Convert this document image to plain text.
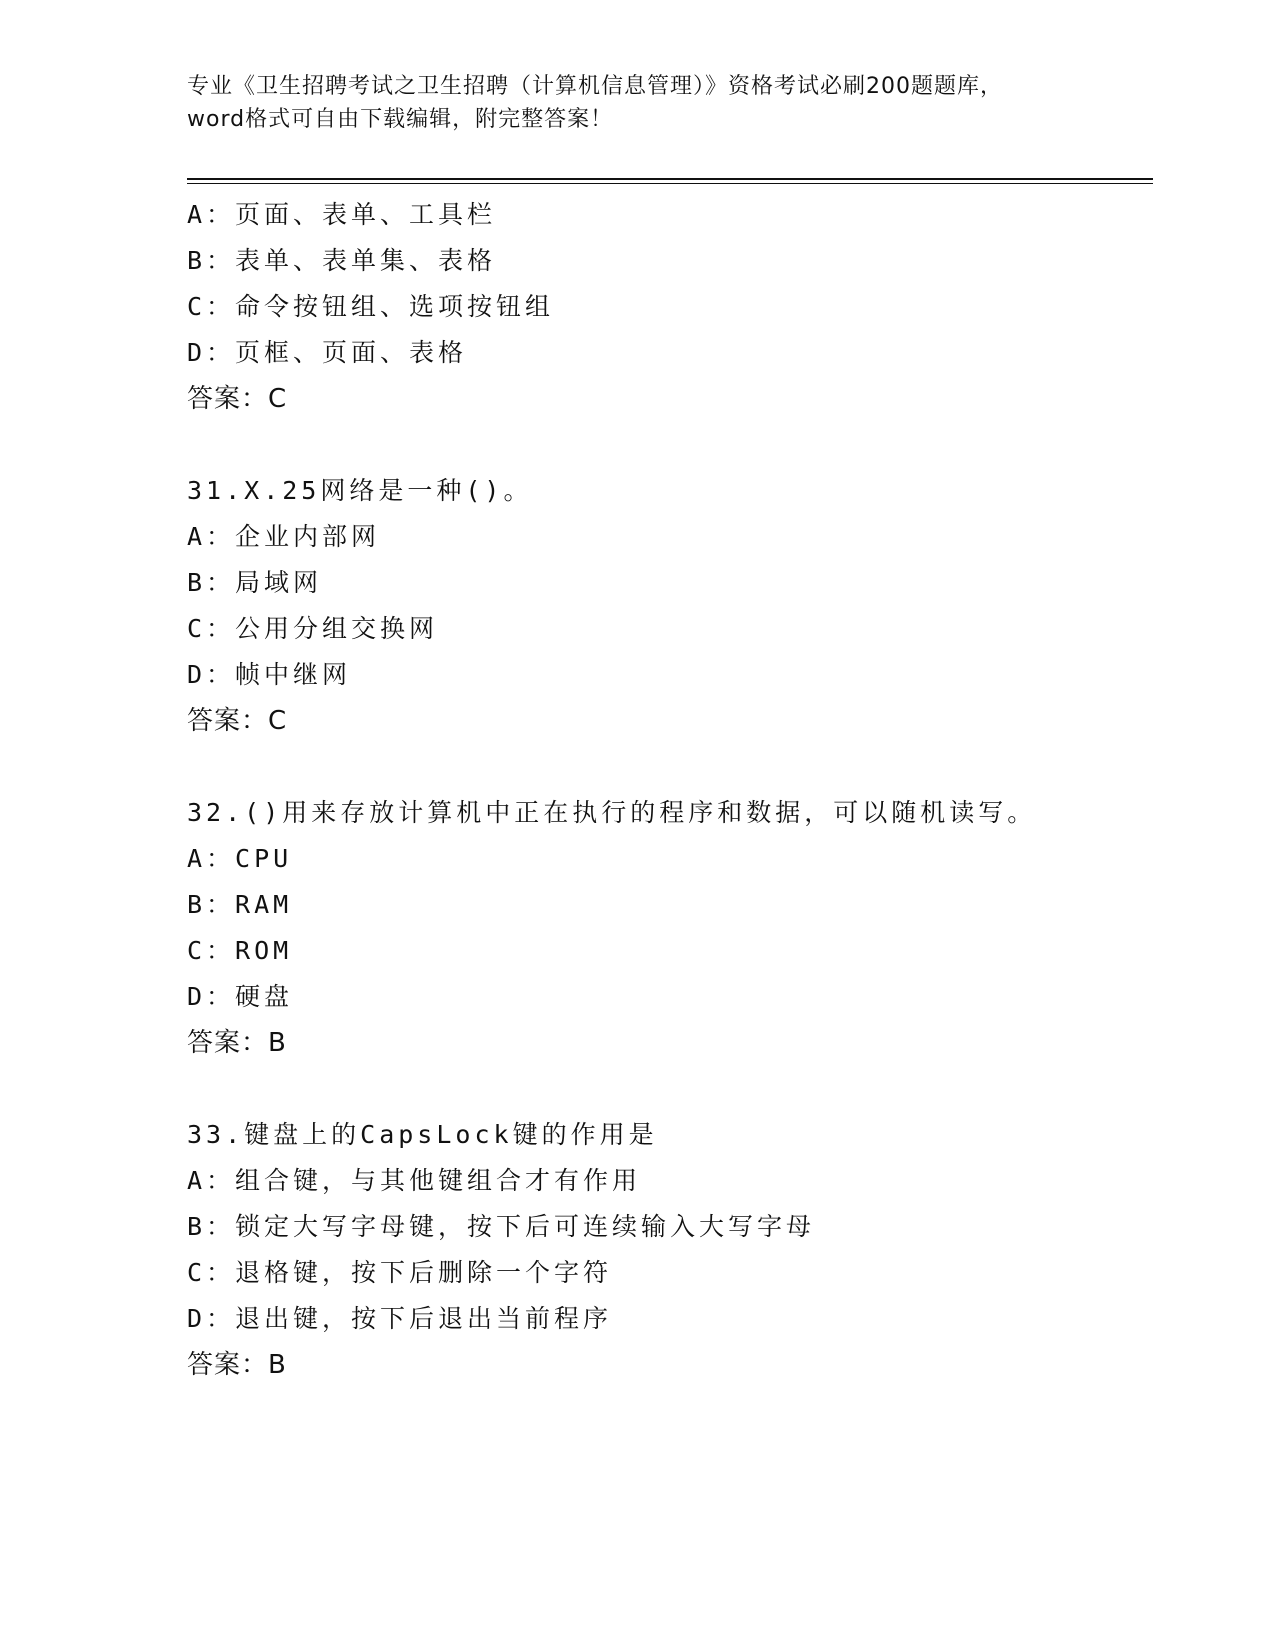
专业《卫生招聘考试之卫生招聘（计算机信息管理）》资格考试必刷200题题库，
word格式可自由下载编辑，附完整答案！
A：页面、表单、工具栏
B：表单、表单集、表格
C：命令按钮组、选项按钮组
D：页框、页面、表格
答案：C
31.X.25网络是一种()。
A：企业内部网
B：局域网
C：公用分组交换网
D：帧中继网
答案：C
32.()用来存放计算机中正在执行的程序和数据，可以随机读写。
A：CPU
B：RAM
C：ROM
D：硬盘
答案：B
33.键盘上的CapsLock键的作用是
A：组合键，与其他键组合才有作用
B：锁定大写字母键，按下后可连续输入大写字母
C：退格键，按下后删除一个字符
D：退出键，按下后退出当前程序
答案：B
